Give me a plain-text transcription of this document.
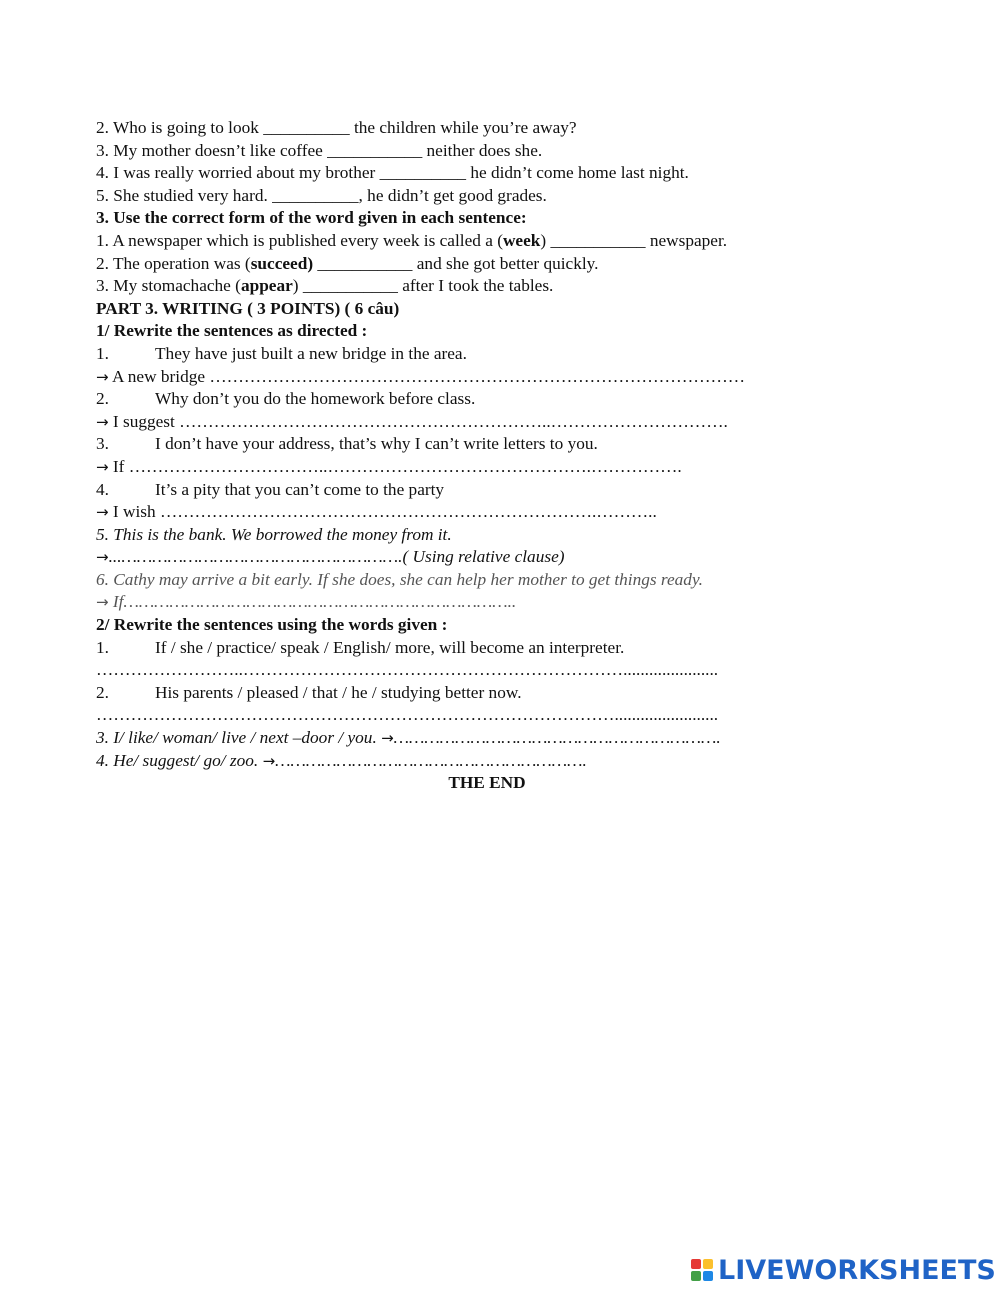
2. Who is going to look __________ the children while you’re away?
3. My mother doesn’t like coffee ___________ neither does she.
4. I was really worried about my brother __________ he didn’t come home last night.
5. She studied very hard. __________, he didn’t get good grades.
3. Use the correct form of the word given in each sentence:
1. A newspaper which is published every week is called a (week) ___________ newspaper.
2. The operation was (succeed) ___________ and she got better quickly.
3. My stomachache (appear) ___________ after I took the tables.
PART 3. WRITING ( 3 POINTS) ( 6 câu)
1/ Rewrite the sentences as directed :
1.	They have just built a new bridge in the area.
→ A new bridge …………………………………………………………………………………
2.	Why don’t you do the homework before class.
→ I suggest ………………………………………………………..………………………….
3.	I don’t have your address, that’s why I can’t write letters to you.
→ If ……………………………..……………………………………….…………….
4.	It’s a pity that you can’t come to the party
→ I wish ………………………………………………………………….………..
5. This is the bank. We borrowed the money from it.
→...……………………………………………….( Using relative clause)
6. Cathy may arrive a bit early. If she does, she can help her mother to get things ready.
→ If…………………………………………………………………..
2/ Rewrite the sentences using the words given :
1.	If / she / practice/ speak / English/ more, will become an interpreter.
……………………..…………………………………………………………......................
2.	His parents / pleased / that / he / studying better now.
………………………………………………………………………………........................
3. I/ like/ woman/ live / next –door / you. →……………………………………………………….
4. He/ suggest/ go/ zoo. →…………………………………………………….
THE END
LIVEWORKSHEETS
